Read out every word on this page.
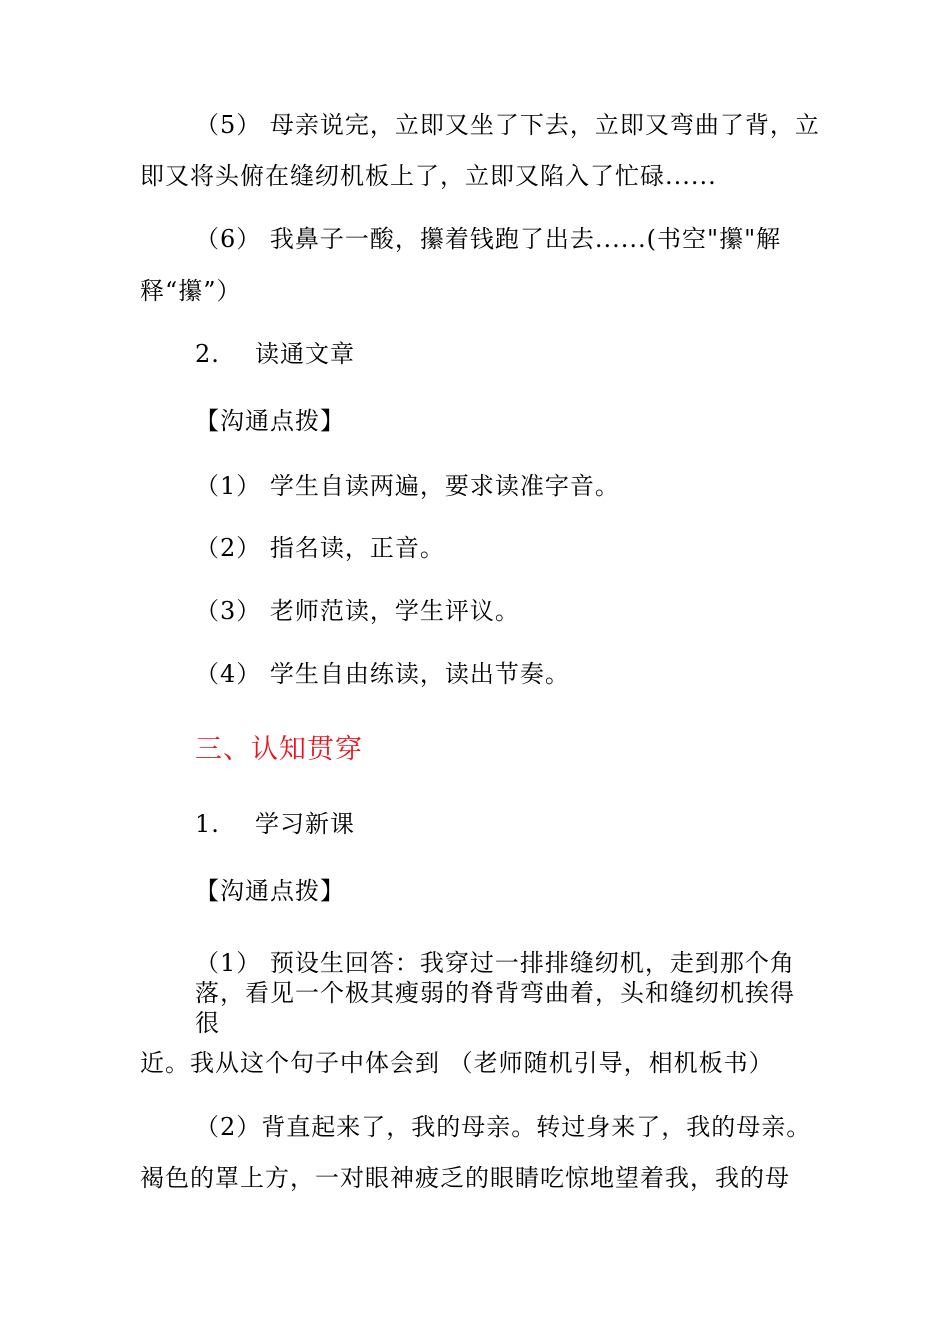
（5） 母亲说完，立即又坐了下去，立即又弯曲了背，立
即又将头俯在缝纫机板上了，立即又陷入了忙碌......
（6） 我鼻子一酸，攥着钱跑了出去......(书空"攥"解
释“攥”）
2. 读通文章
【沟通点拨】
（1） 学生自读两遍，要求读准字音。
（2） 指名读，正音。
（3） 老师范读，学生评议。
（4） 学生自由练读，读出节奏。
三、认知贯穿
1. 学习新课
【沟通点拨】
（1） 预设生回答：我穿过一排排缝纫机，走到那个角
落，看见一个极其瘦弱的脊背弯曲着，头和缝纫机挨得
很
近。我从这个句子中体会到 （老师随机引导，相机板书）
（2）背直起来了，我的母亲。转过身来了，我的母亲。
褐色的罩上方，一对眼神疲乏的眼睛吃惊地望着我，我的母
